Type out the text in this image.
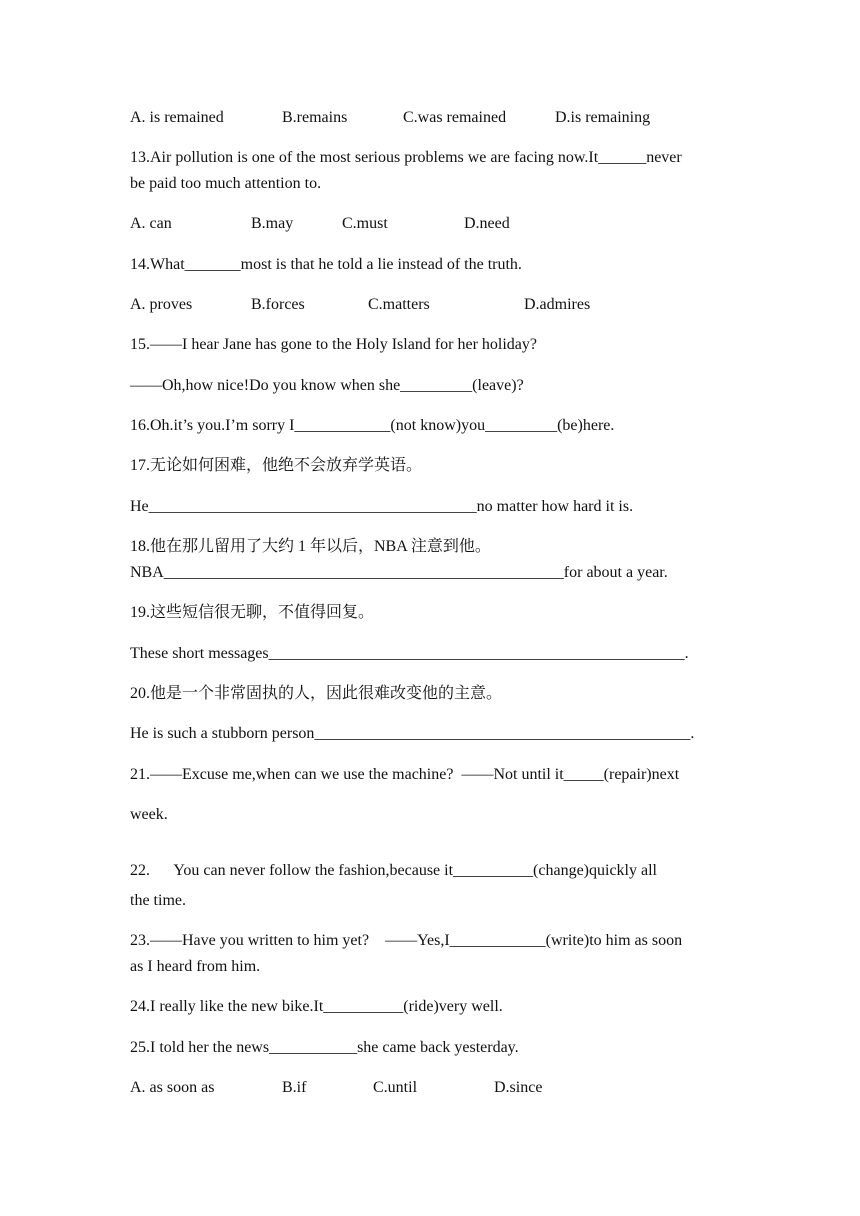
A. is remained	B.remains	C.was remained	D.is remaining
13.Air pollution is one of the most serious problems we are facing now.It______never
be paid too much attention to.
A. can	B.may	C.must	D.need
14.What_______most is that he told a lie instead of the truth.
A. proves	B.forces	C.matters	D.admires
15.——I hear Jane has gone to the Holy Island for her holiday?
——Oh,how nice!Do you know when she_________(leave)?
16.Oh.it’s you.I’m sorry I____________(not know)you_________(be)here.
17.无论如何困难，他绝不会放弃学英语。
He_________________________________________no matter how hard it is.
18.他在那儿留用了大约 1 年以后，NBA 注意到他。
NBA__________________________________________________for about a year.
19.这些短信很无聊，不值得回复。
These short messages____________________________________________________.
20.他是一个非常固执的人，因此很难改变他的主意。
He is such a stubborn person_______________________________________________.
21.——Excuse me,when can we use the machine?  ——Not until it_____(repair)next
week.
22.      You can never follow the fashion,because it__________(change)quickly all
the time.
23.——Have you written to him yet?    ——Yes,I____________(write)to him as soon
as I heard from him.
24.I really like the new bike.It__________(ride)very well.
25.I told her the news___________she came back yesterday.
A. as soon as	B.if	C.until	D.since
